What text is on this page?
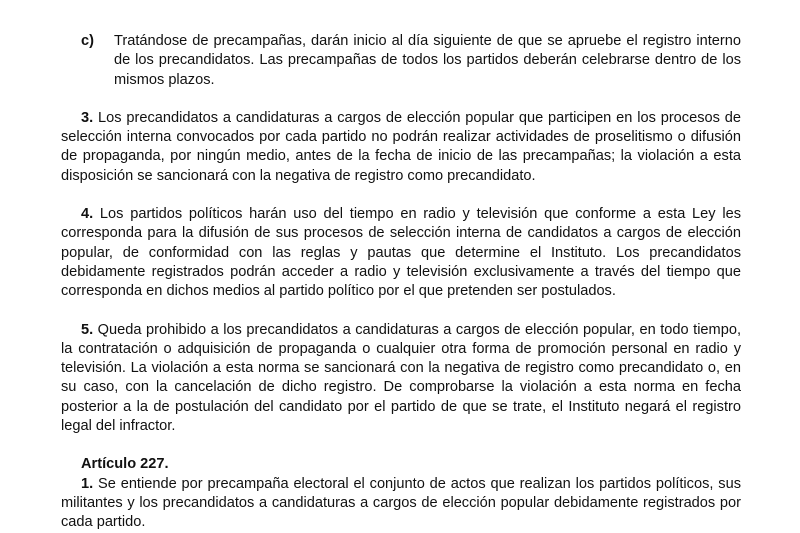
c)	Tratándose de precampañas, darán inicio al día siguiente de que se apruebe el registro interno de los precandidatos. Las precampañas de todos los partidos deberán celebrarse dentro de los mismos plazos.

3. Los precandidatos a candidaturas a cargos de elección popular que participen en los procesos de selección interna convocados por cada partido no podrán realizar actividades de proselitismo o difusión de propaganda, por ningún medio, antes de la fecha de inicio de las precampañas; la violación a esta disposición se sancionará con la negativa de registro como precandidato.

4. Los partidos políticos harán uso del tiempo en radio y televisión que conforme a esta Ley les corresponda para la difusión de sus procesos de selección interna de candidatos a cargos de elección popular, de conformidad con las reglas y pautas que determine el Instituto. Los precandidatos debidamente registrados podrán acceder a radio y televisión exclusivamente a través del tiempo que corresponda en dichos medios al partido político por el que pretenden ser postulados.

5. Queda prohibido a los precandidatos a candidaturas a cargos de elección popular, en todo tiempo, la contratación o adquisición de propaganda o cualquier otra forma de promoción personal en radio y televisión. La violación a esta norma se sancionará con la negativa de registro como precandidato o, en su caso, con la cancelación de dicho registro. De comprobarse la violación a esta norma en fecha posterior a la de postulación del candidato por el partido de que se trate, el Instituto negará el registro legal del infractor.

Artículo 227.

1. Se entiende por precampaña electoral el conjunto de actos que realizan los partidos políticos, sus militantes y los precandidatos a candidaturas a cargos de elección popular debidamente registrados por cada partido.
